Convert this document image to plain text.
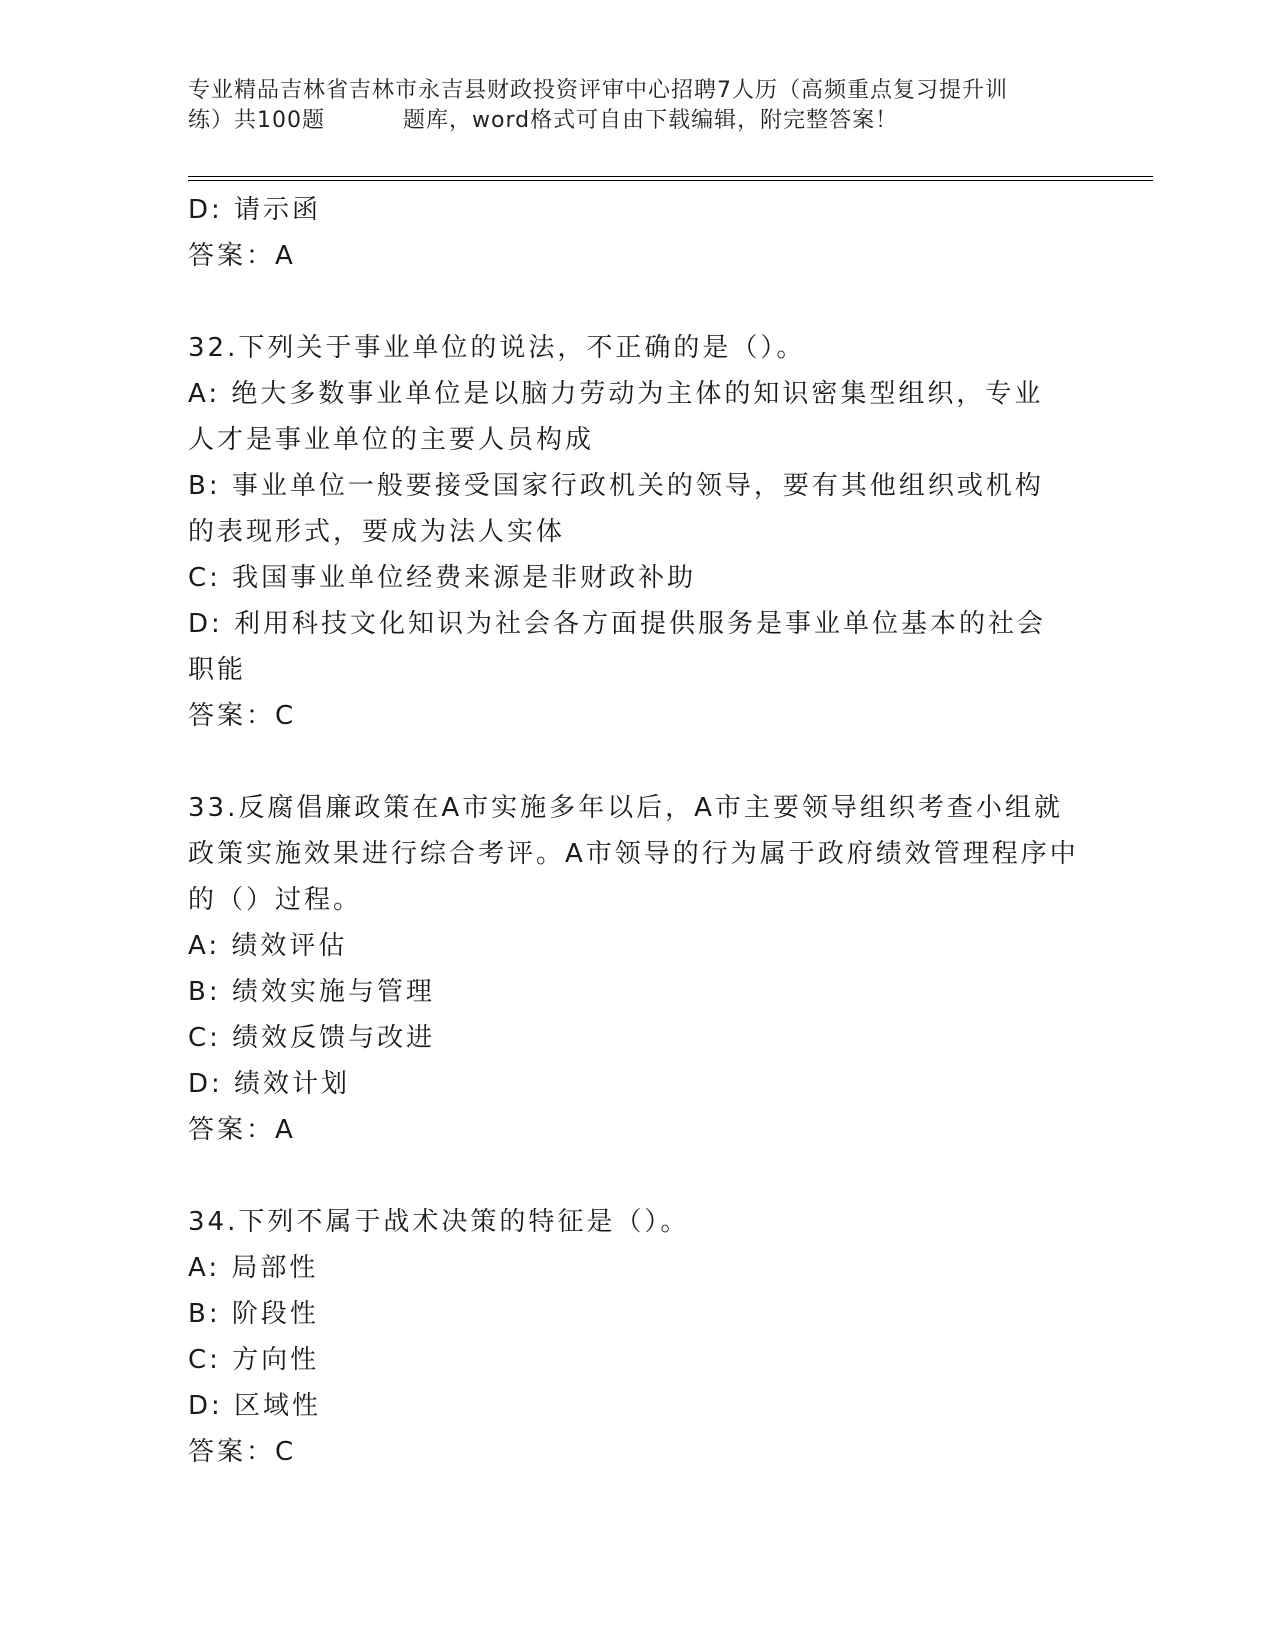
专业精品吉林省吉林市永吉县财政投资评审中心招聘7人历（高频重点复习提升训
练）共100题	题库，word格式可自由下载编辑，附完整答案！
D: 请示函
答案：A
32.下列关于事业单位的说法，不正确的是（）。
A: 绝大多数事业单位是以脑力劳动为主体的知识密集型组织，专业人才是事业单位的主要人员构成
B: 事业单位一般要接受国家行政机关的领导，要有其他组织或机构的表现形式，要成为法人实体
C: 我国事业单位经费来源是非财政补助
D: 利用科技文化知识为社会各方面提供服务是事业单位基本的社会职能
答案：C
33.反腐倡廉政策在A市实施多年以后，A市主要领导组织考查小组就政策实施效果进行综合考评。A市领导的行为属于政府绩效管理程序中的（）过程。
A: 绩效评估
B: 绩效实施与管理
C: 绩效反馈与改进
D: 绩效计划
答案：A
34.下列不属于战术决策的特征是（）。
A: 局部性
B: 阶段性
C: 方向性
D: 区域性
答案：C
